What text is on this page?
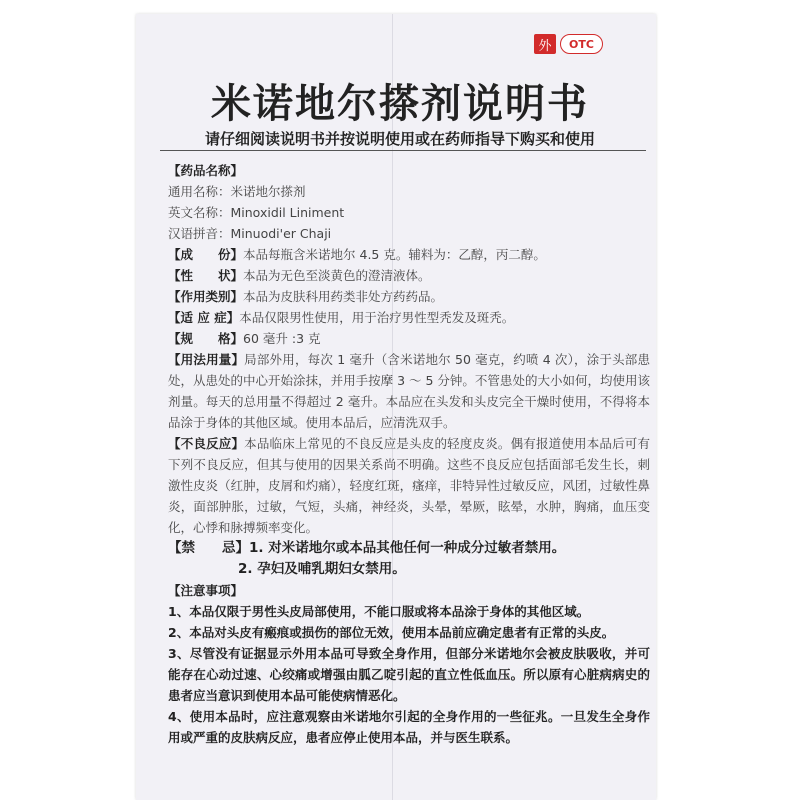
外	OTC
米诺地尔搽剂说明书
请仔细阅读说明书并按说明使用或在药师指导下购买和使用
【药品名称】
通用名称：米诺地尔搽剂
英文名称：Minoxidil Liniment
汉语拼音：Minuodi'er Chaji
【成　　份】本品每瓶含米诺地尔 4.5 克。辅料为：乙醇，丙二醇。
【性　　状】本品为无色至淡黄色的澄清液体。
【作用类别】本品为皮肤科用药类非处方药药品。
【适 应 症】本品仅限男性使用，用于治疗男性型秃发及斑秃。
【规　　格】60 毫升 :3 克
【用法用量】局部外用，每次 1 毫升（含米诺地尔 50 毫克，约喷 4 次），涂于头部患处，从患处的中心开始涂抹，并用手按摩 3 ～ 5 分钟。不管患处的大小如何，均使用该剂量。每天的总用量不得超过 2 毫升。本品应在头发和头皮完全干燥时使用，不得将本品涂于身体的其他区域。使用本品后，应清洗双手。
【不良反应】本品临床上常见的不良反应是头皮的轻度皮炎。偶有报道使用本品后可有下列不良反应，但其与使用的因果关系尚不明确。这些不良反应包括面部毛发生长，刺激性皮炎（红肿，皮屑和灼痛），轻度红斑，瘙痒，非特异性过敏反应，风团，过敏性鼻炎，面部肿胀，过敏，气短，头痛，神经炎，头晕，晕厥，眩晕，水肿，胸痛，血压变化，心悸和脉搏频率变化。
【禁　　忌】1. 对米诺地尔或本品其他任何一种成分过敏者禁用。
2. 孕妇及哺乳期妇女禁用。
【注意事项】
1、本品仅限于男性头皮局部使用，不能口服或将本品涂于身体的其他区域。
2、本品对头皮有瘢痕或损伤的部位无效，使用本品前应确定患者有正常的头皮。
3、尽管没有证据显示外用本品可导致全身作用，但部分米诺地尔会被皮肤吸收，并可能存在心动过速、心绞痛或增强由胍乙啶引起的直立性低血压。所以原有心脏病病史的患者应当意识到使用本品可能使病情恶化。
4、使用本品时，应注意观察由米诺地尔引起的全身作用的一些征兆。一旦发生全身作用或严重的皮肤病反应，患者应停止使用本品，并与医生联系。
